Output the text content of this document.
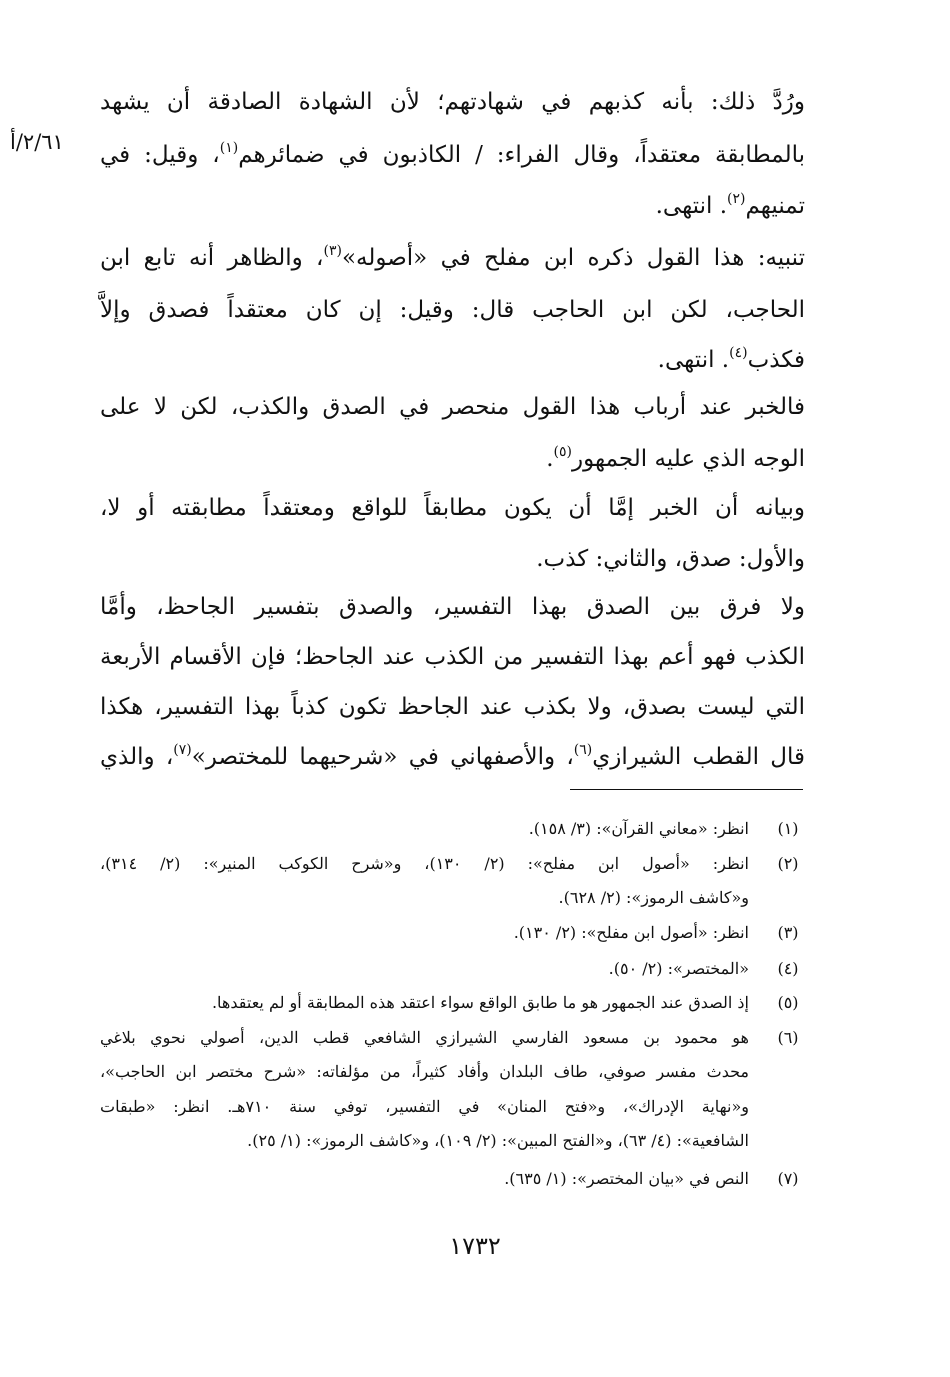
ورُدَّ ذلك: بأنه كذبهم في شهادتهم؛ لأن الشهادة الصادقة أن يشهد
بالمطابقة معتقداً، وقال الفراء: / الكاذبون في ضمائرهم$^{(١)}$، وقيل: في
٢/٦١/أ
تمنيهم$^{(٢)}$. انتهى.
تنبيه: هذا القول ذكره ابن مفلح في «أصوله»$^{(٣)}$، والظاهر أنه تابع ابن
الحاجب، لكن ابن الحاجب قال: وقيل: إن كان معتقداً فصدق وإلاَّ
فكذب$^{(٤)}$. انتهى.
فالخبر عند أرباب هذا القول منحصر في الصدق والكذب، لكن لا على
الوجه الذي عليه الجمهور$^{(٥)}$.
وبيانه أن الخبر إمَّا أن يكون مطابقاً للواقع ومعتقداً مطابقته أو لا،
والأول: صدق، والثاني: كذب.
ولا فرق بين الصدق بهذا التفسير، والصدق بتفسير الجاحظ، وأمَّا
الكذب فهو أعم بهذا التفسير من الكذب عند الجاحظ؛ فإن الأقسام الأربعة
التي ليست بصدق، ولا بكذب عند الجاحظ تكون كذباً بهذا التفسير، هكذا
قال القطب الشيرازي$^{(٦)}$، والأصفهاني في «شرحيهما للمختصر»$^{(٧)}$، والذي
(١)
انظر: «معاني القرآن»: (٣/ ١٥٨).
(٢)
انظر: «أصول ابن مفلح»: (٢/ ١٣٠)، و«شرح الكوكب المنير»: (٢/ ٣١٤)،
و«كاشف الرموز»: (٢/ ٦٢٨).
(٣)
انظر: «أصول ابن مفلح»: (٢/ ١٣٠).
(٤)
«المختصر»: (٢/ ٥٠).
(٥)
إذ الصدق عند الجمهور هو ما طابق الواقع سواء اعتقد هذه المطابقة أو لم يعتقدها.
(٦)
هو محمود بن مسعود الفارسي الشيرازي الشافعي قطب الدين، أصولي نحوي بلاغي
محدث مفسر صوفي، طاف البلدان وأفاد كثيراً، من مؤلفاته: «شرح مختصر ابن الحاجب»،
و«نهاية الإدراك»، و«فتح المنان» في التفسير، توفي سنة ٧١٠هـ. انظر: «طبقات
الشافعية»: (٤/ ٦٣)، و«الفتح المبين»: (٢/ ١٠٩)، و«كاشف الرموز»: (١/ ٢٥).
(٧)
النص في «بيان المختصر»: (١/ ٦٣٥).
١٧٣٢
